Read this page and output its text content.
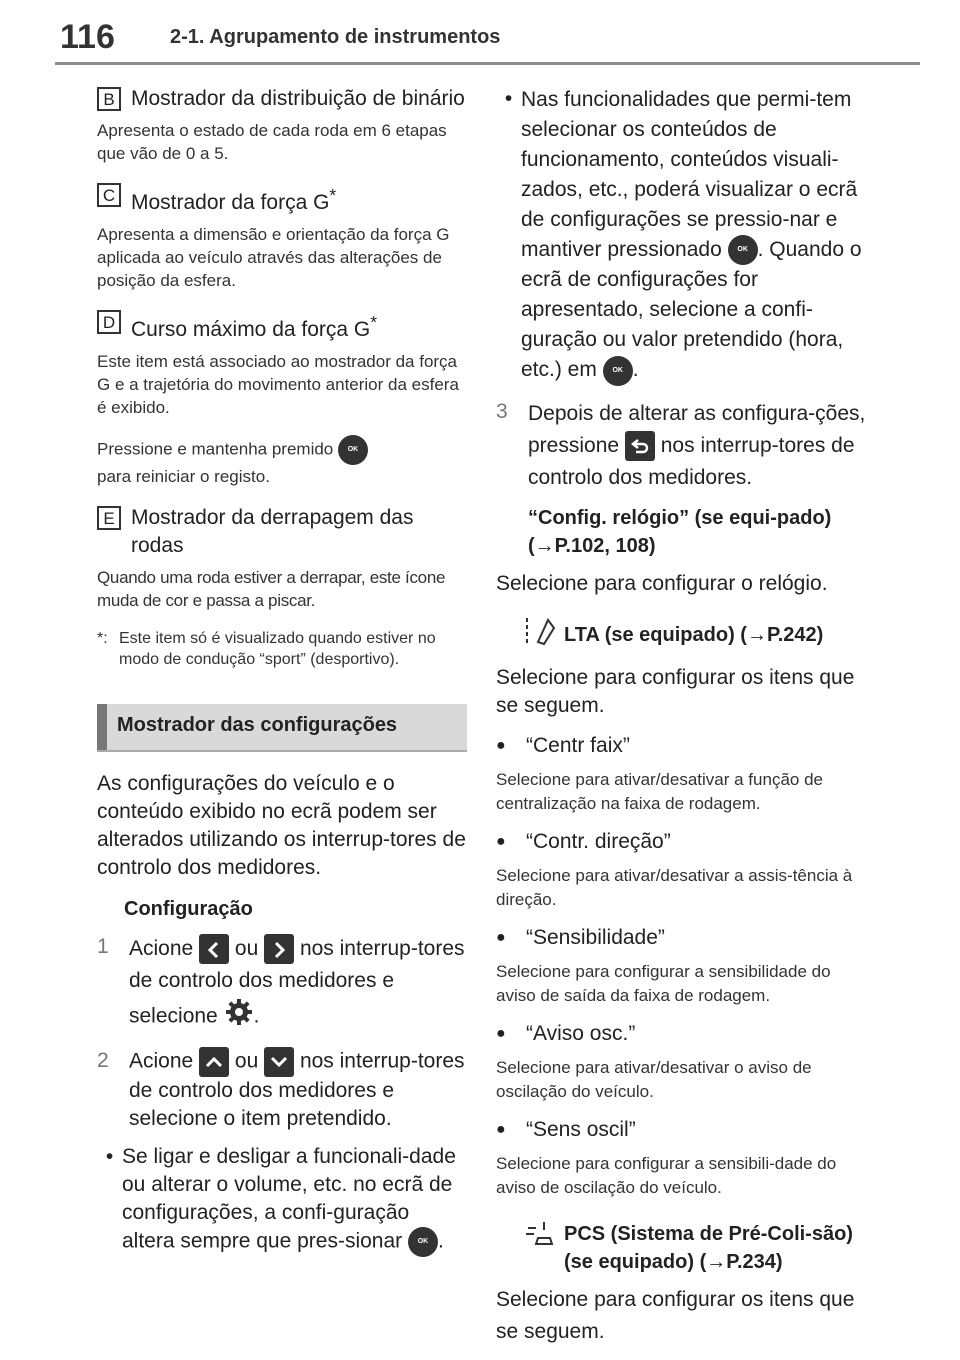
116	2-1. Agrupamento de instrumentos
B Mostrador da distribuição de binário
Apresenta o estado de cada roda em 6 etapas que vão de 0 a 5.
C Mostrador da força G*
Apresenta a dimensão e orientação da força G aplicada ao veículo através das alterações de posição da esfera.
D Curso máximo da força G*
Este item está associado ao mostrador da força G e a trajetória do movimento anterior da esfera é exibido.
Pressione e mantenha premido OK
para reiniciar o registo.
E Mostrador da derrapagem das rodas
Quando uma roda estiver a derrapar, este ícone muda de cor e passa a piscar.
*: Este item só é visualizado quando estiver no modo de condução “sport” (desportivo).
Mostrador das configurações
As configurações do veículo e o conteúdo exibido no ecrã podem ser alterados utilizando os interrup-tores de controlo dos medidores.
Configuração
1 Acione ou nos interrup-tores de controlo dos medidores e selecione .
2 Acione ou nos interrup-tores de controlo dos medidores e selecione o item pretendido.
• Se ligar e desligar a funcionali-dade ou alterar o volume, etc. no ecrã de configurações, a confi-guração altera sempre que pres-sionar OK .
• Nas funcionalidades que permi-tem selecionar os conteúdos de funcionamento, conteúdos visuali-zados, etc., poderá visualizar o ecrã de configurações se pressio-nar e mantiver pressionado OK . Quando o ecrã de configurações for apresentado, selecione a confi-guração ou valor pretendido (hora, etc.) em OK .
3 Depois de alterar as configura-ções, pressione nos interrup-tores de controlo dos medidores.
“Config. relógio” (se equi-pado) (→P.102, 108)
Selecione para configurar o relógio.
LTA (se equipado) (→P.242)
Selecione para configurar os itens que se seguem.
● “Centr faix”
Selecione para ativar/desativar a função de centralização na faixa de rodagem.
● “Contr. direção”
Selecione para ativar/desativar a assis-tência à direção.
● “Sensibilidade”
Selecione para configurar a sensibilidade do aviso de saída da faixa de rodagem.
● “Aviso osc.”
Selecione para ativar/desativar o aviso de oscilação do veículo.
● “Sens oscil”
Selecione para configurar a sensibili-dade do aviso de oscilação do veículo.
PCS (Sistema de Pré-Coli-são) (se equipado) (→P.234)
Selecione para configurar os itens que se seguem.
